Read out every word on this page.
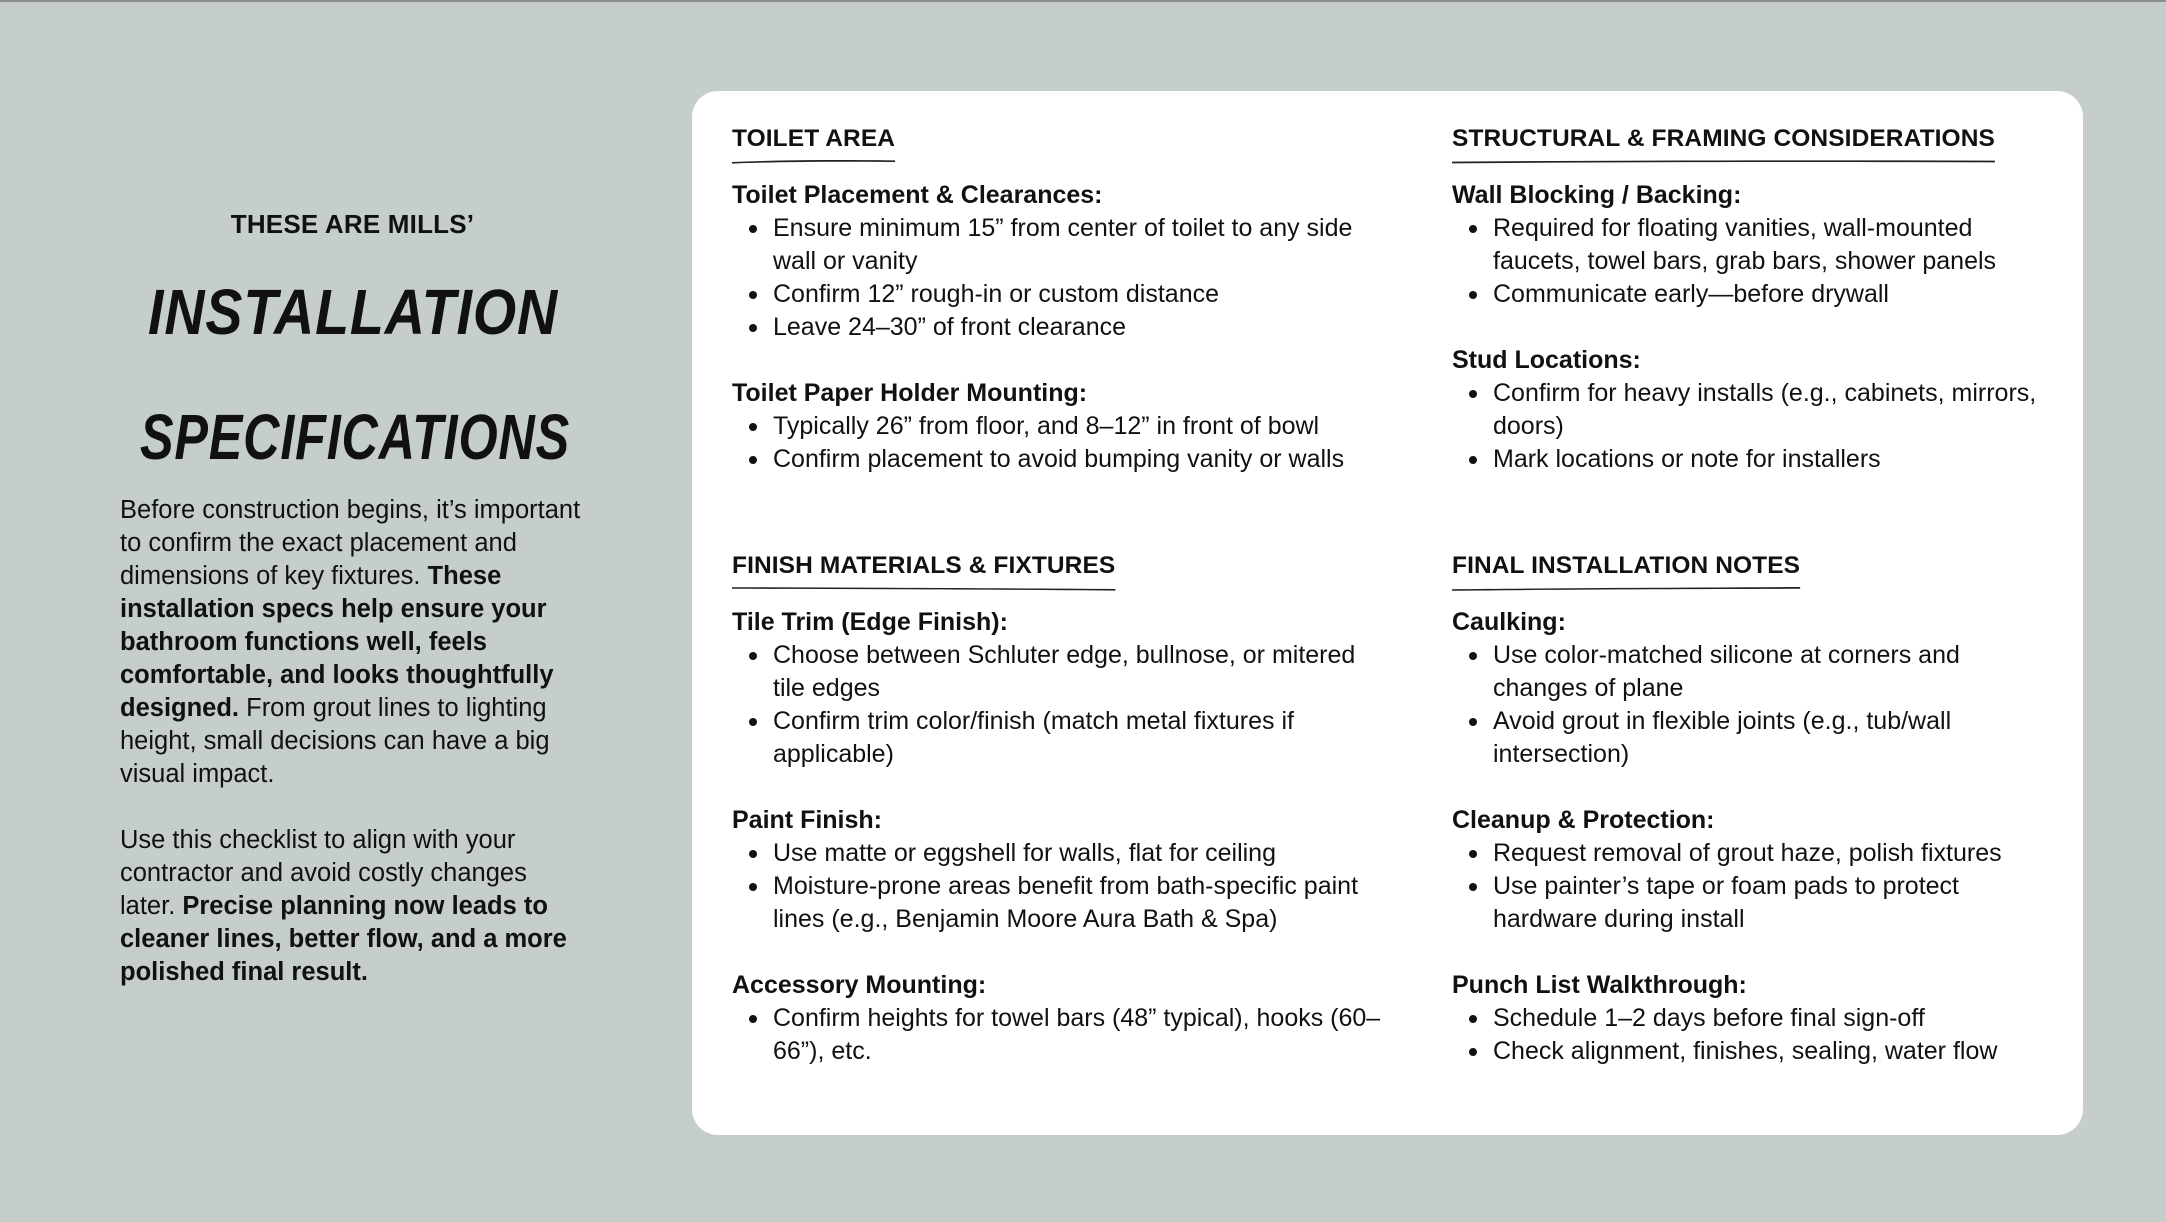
THESE ARE MILLS’

INSTALLATION
SPECIFICATIONS

Before construction begins, it’s important to confirm the exact placement and dimensions of key fixtures. These installation specs help ensure your bathroom functions well, feels comfortable, and looks thoughtfully designed. From grout lines to lighting height, small decisions can have a big visual impact.

Use this checklist to align with your contractor and avoid costly changes later. Precise planning now leads to cleaner lines, better flow, and a more polished final result.

TOILET AREA

Toilet Placement & Clearances:

Ensure minimum 15” from center of toilet to any side wall or vanity
Confirm 12” rough-in or custom distance
Leave 24–30” of front clearance

Toilet Paper Holder Mounting:

Typically 26” from floor, and 8–12” in front of bowl
Confirm placement to avoid bumping vanity or walls
STRUCTURAL & FRAMING CONSIDERATIONS

Wall Blocking / Backing:

Required for floating vanities, wall-mounted faucets, towel bars, grab bars, shower panels
Communicate early—before drywall

Stud Locations:

Confirm for heavy installs (e.g., cabinets, mirrors, doors)
Mark locations or note for installers
FINISH MATERIALS & FIXTURES

Tile Trim (Edge Finish):

Choose between Schluter edge, bullnose, or mitered tile edges
Confirm trim color/finish (match metal fixtures if applicable)

Paint Finish:

Use matte or eggshell for walls, flat for ceiling
Moisture-prone areas benefit from bath-specific paint lines (e.g., Benjamin Moore Aura Bath & Spa)

Accessory Mounting:

Confirm heights for towel bars (48” typical), hooks (60–66”), etc.
FINAL INSTALLATION NOTES

Caulking:

Use color-matched silicone at corners and changes of plane
Avoid grout in flexible joints (e.g., tub/wall intersection)

Cleanup & Protection:

Request removal of grout haze, polish fixtures
Use painter’s tape or foam pads to protect hardware during install

Punch List Walkthrough:

Schedule 1–2 days before final sign-off
Check alignment, finishes, sealing, water flow
